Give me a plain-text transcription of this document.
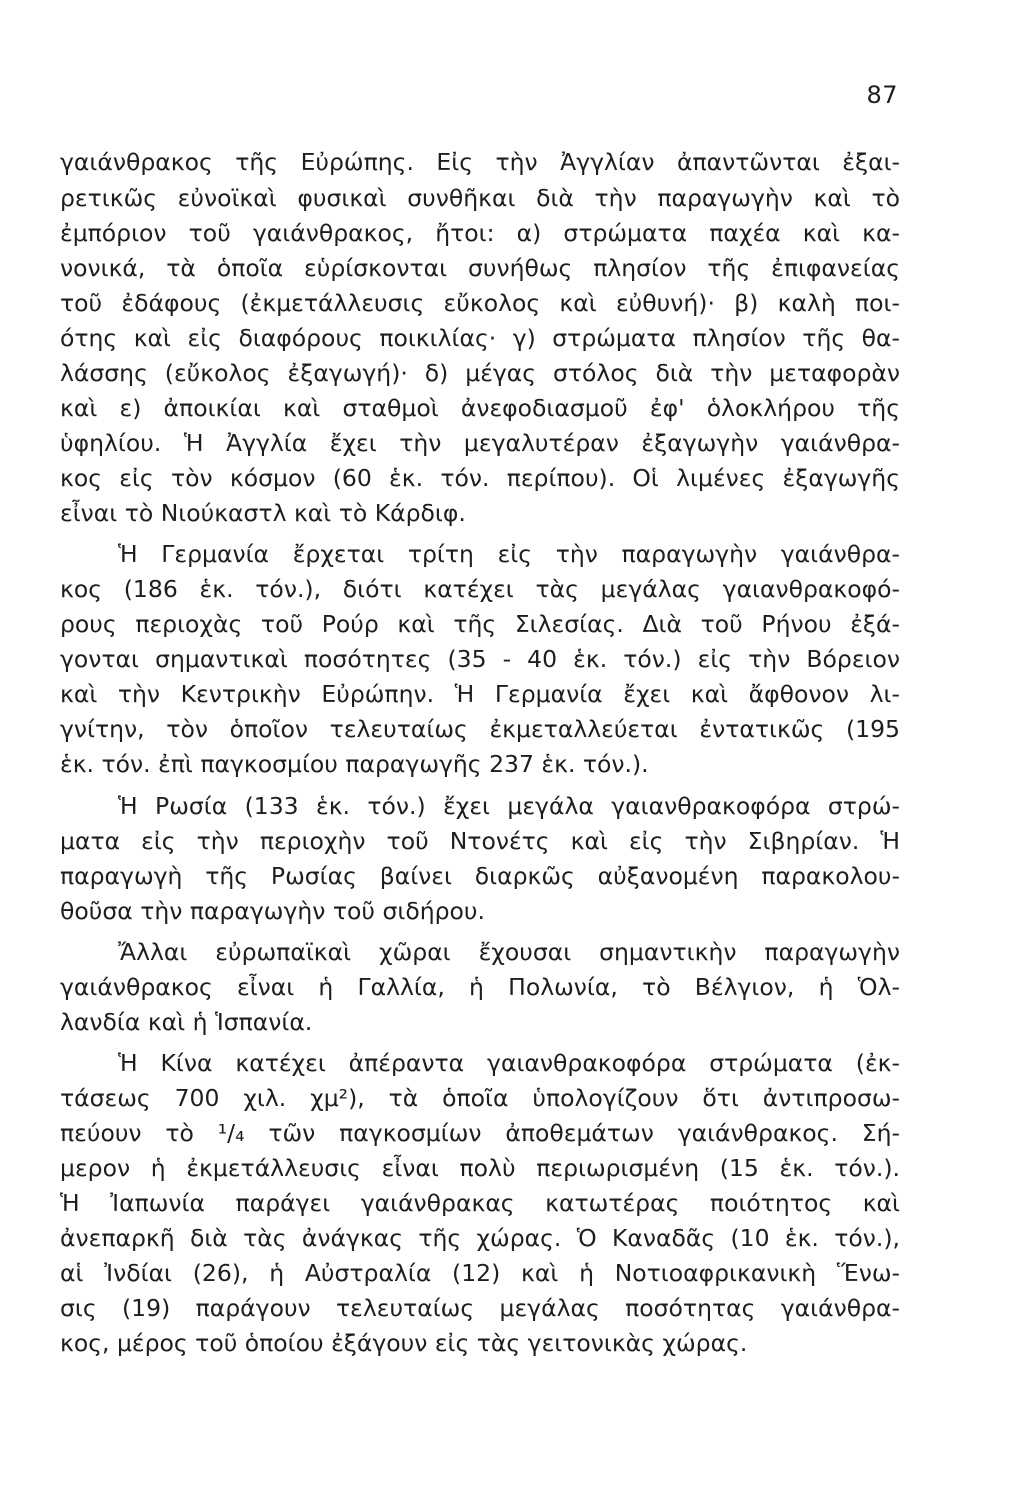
87
γαιάνθρακος τῆς Εὐρώπης. Εἰς τὴν Ἀγγλίαν ἀπαντῶνται ἐξαι-
ρετικῶς εὐνοϊκαὶ φυσικαὶ συνθῆκαι διὰ τὴν παραγωγὴν καὶ τὸ
ἐμπόριον τοῦ γαιάνθρακος, ἤτοι: α) στρώματα παχέα καὶ κα-
νονικά, τὰ ὁποῖα εὑρίσκονται συνήθως πλησίον τῆς ἐπιφανείας
τοῦ ἐδάφους (ἐκμετάλλευσις εὔκολος καὶ εὐθυνή)· β) καλὴ ποι-
ότης καὶ εἰς διαφόρους ποικιλίας· γ) στρώματα πλησίον τῆς θα-
λάσσης (εὔκολος ἐξαγωγή)· δ) μέγας στόλος διὰ τὴν μεταφορὰν
καὶ ε) ἀποικίαι καὶ σταθμοὶ ἀνεφοδιασμοῦ ἐφ' ὁλοκλήρου τῆς
ὑφηλίου. Ἡ Ἀγγλία ἔχει τὴν μεγαλυτέραν ἐξαγωγὴν γαιάνθρα-
κος εἰς τὸν κόσμον (60 ἑκ. τόν. περίπου). Οἱ λιμένες ἐξαγωγῆς
εἶναι τὸ Νιούκαστλ καὶ τὸ Κάρδιφ.
Ἡ Γερμανία ἔρχεται τρίτη εἰς τὴν παραγωγὴν γαιάνθρα-
κος (186 ἑκ. τόν.), διότι κατέχει τὰς μεγάλας γαιανθρακοφό-
ρους περιοχὰς τοῦ Ρούρ καὶ τῆς Σιλεσίας. Διὰ τοῦ Ρήνου ἐξά-
γονται σημαντικαὶ ποσότητες (35 - 40 ἑκ. τόν.) εἰς τὴν Βόρειον
καὶ τὴν Κεντρικὴν Εὐρώπην. Ἡ Γερμανία ἔχει καὶ ἄφθονον λι-
γνίτην, τὸν ὁποῖον τελευταίως ἐκμεταλλεύεται ἐντατικῶς (195
ἑκ. τόν. ἐπὶ παγκοσμίου παραγωγῆς 237 ἑκ. τόν.).
Ἡ Ρωσία (133 ἑκ. τόν.) ἔχει μεγάλα γαιανθρακοφόρα στρώ-
ματα εἰς τὴν περιοχὴν τοῦ Ντονέτς καὶ εἰς τὴν Σιβηρίαν. Ἡ
παραγωγὴ τῆς Ρωσίας βαίνει διαρκῶς αὐξανομένη παρακολου-
θοῦσα τὴν παραγωγὴν τοῦ σιδήρου.
Ἄλλαι εὐρωπαϊκαὶ χῶραι ἔχουσαι σημαντικὴν παραγωγὴν
γαιάνθρακος εἶναι ἡ Γαλλία, ἡ Πολωνία, τὸ Βέλγιον, ἡ Ὁλ-
λανδία καὶ ἡ Ἱσπανία.
Ἡ Κίνα κατέχει ἀπέραντα γαιανθρακοφόρα στρώματα (ἐκ-
τάσεως 700 χιλ. χμ²), τὰ ὁποῖα ὑπολογίζουν ὅτι ἀντιπροσω-
πεύουν τὸ ¹/₄ τῶν παγκοσμίων ἀποθεμάτων γαιάνθρακος. Σή-
μερον ἡ ἐκμετάλλευσις εἶναι πολὺ περιωρισμένη (15 ἑκ. τόν.).
Ἡ Ἰαπωνία παράγει γαιάνθρακας κατωτέρας ποιότητος καὶ
ἀνεπαρκῆ διὰ τὰς ἀνάγκας τῆς χώρας. Ὁ Καναδᾶς (10 ἑκ. τόν.),
αἱ Ἰνδίαι (26), ἡ Αὐστραλία (12) καὶ ἡ Νοτιοαφρικανικὴ Ἕνω-
σις (19) παράγουν τελευταίως μεγάλας ποσότητας γαιάνθρα-
κος, μέρος τοῦ ὁποίου ἐξάγουν εἰς τὰς γειτονικὰς χώρας.
